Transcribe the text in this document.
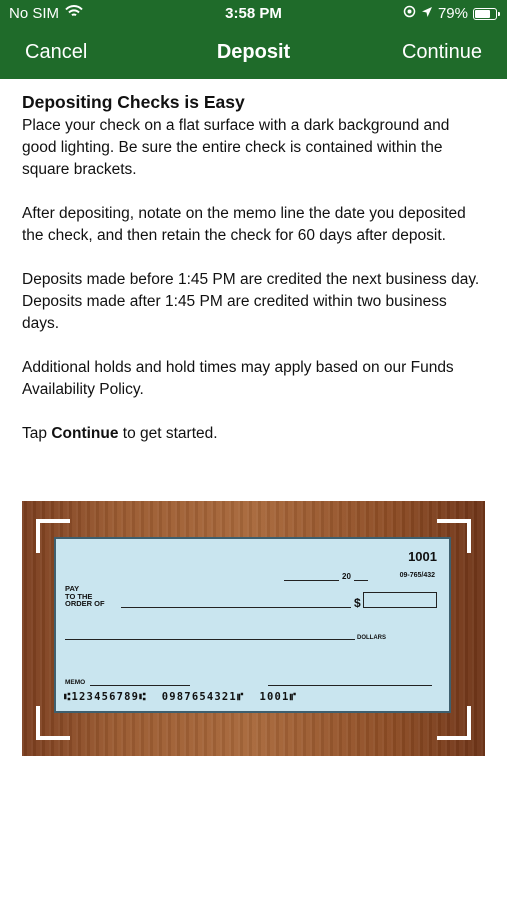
No SIM	3:58 PM	79%
Cancel	Deposit	Continue
Depositing Checks is Easy

Place your check on a flat surface with a dark background and good lighting. Be sure the entire check is contained within the square brackets.

After depositing, notate on the memo line the date you deposited the check, and then retain the check for 60 days after deposit.

Deposits made before 1:45 PM are credited the next business day. Deposits made after 1:45 PM are credited within two business days.

Additional holds and hold times may apply based on our Funds Availability Policy.

Tap Continue to get started.

1001
20	09-765/432
PAY
TO THE
ORDER OF	$
DOLLARS
MEMO
⑆123456789⑆  0987654321⑈  1001⑈
